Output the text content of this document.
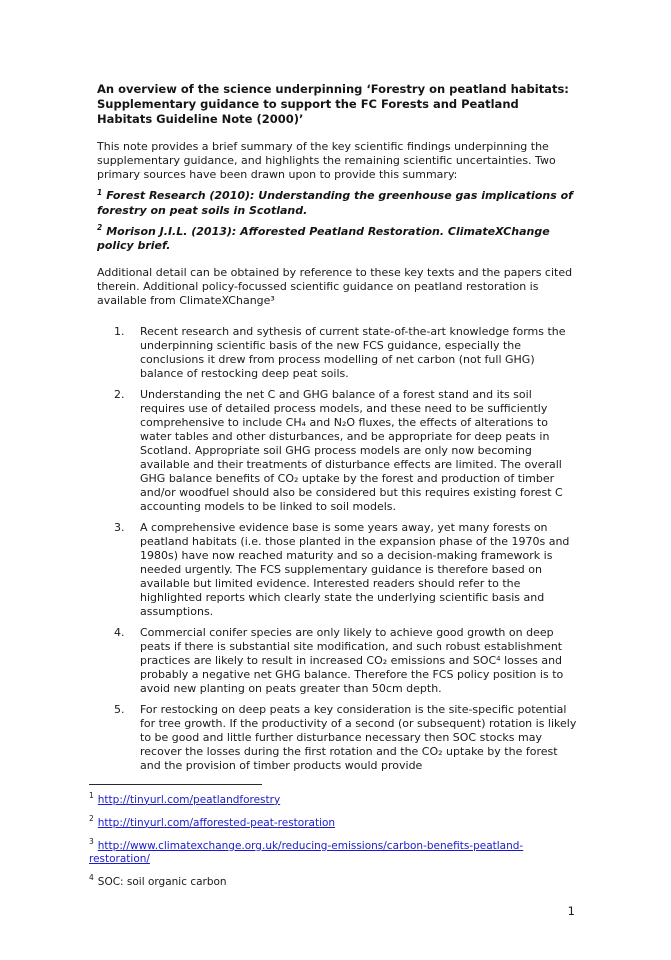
An overview of the science underpinning ‘Forestry on peatland habitats: Supplementary guidance to support the FC Forests and Peatland Habitats Guideline Note (2000)’

This note provides a brief summary of the key scientific findings underpinning the supplementary guidance, and highlights the remaining scientific uncertainties. Two primary sources have been drawn upon to provide this summary:

$^1$ Forest Research (2010): Understanding the greenhouse gas implications of forestry on peat soils in Scotland.

$^2$ Morison J.I.L. (2013): Afforested Peatland Restoration. ClimateXChange policy brief.

Additional detail can be obtained by reference to these key texts and the papers cited therein. Additional policy-focussed scientific guidance on peatland restoration is available from ClimateXChange³

1.	Recent research and sythesis of current state-of-the-art knowledge forms the underpinning scientific basis of the new FCS guidance, especially the conclusions it drew from process modelling of net carbon (not full GHG) balance of restocking deep peat soils.
2.	Understanding the net C and GHG balance of a forest stand and its soil requires use of detailed process models, and these need to be sufficiently comprehensive to include CH₄ and N₂O fluxes, the effects of alterations to water tables and other disturbances, and be appropriate for deep peats in Scotland. Appropriate soil GHG process models are only now becoming available and their treatments of disturbance effects are limited. The overall GHG balance benefits of CO₂ uptake by the forest and production of timber and/or woodfuel should also be considered but this requires existing forest C accounting models to be linked to soil models.
3.	A comprehensive evidence base is some years away, yet many forests on peatland habitats (i.e. those planted in the expansion phase of the 1970s and 1980s) have now reached maturity and so a decision-making framework is needed urgently. The FCS supplementary guidance is therefore based on available but limited evidence. Interested readers should refer to the highlighted reports which clearly state the underlying scientific basis and assumptions.
4.	Commercial conifer species are only likely to achieve good growth on deep peats if there is substantial site modification, and such robust establishment practices are likely to result in increased CO₂ emissions and SOC⁴ losses and probably a negative net GHG balance. Therefore the FCS policy position is to avoid new planting on peats greater than 50cm depth.
5.	For restocking on deep peats a key consideration is the site-specific potential for tree growth. If the productivity of a second (or subsequent) rotation is likely to be good and little further disturbance necessary then SOC stocks may recover the losses during the first rotation and the CO₂ uptake by the forest and the provision of timber products would provide
$^1$ http://tinyurl.com/peatlandforestry
$^2$ http://tinyurl.com/afforested-peat-restoration
$^3$ http://www.climatexchange.org.uk/reducing-emissions/carbon-benefits-peatland-restoration/
$^4$ SOC: soil organic carbon
1
